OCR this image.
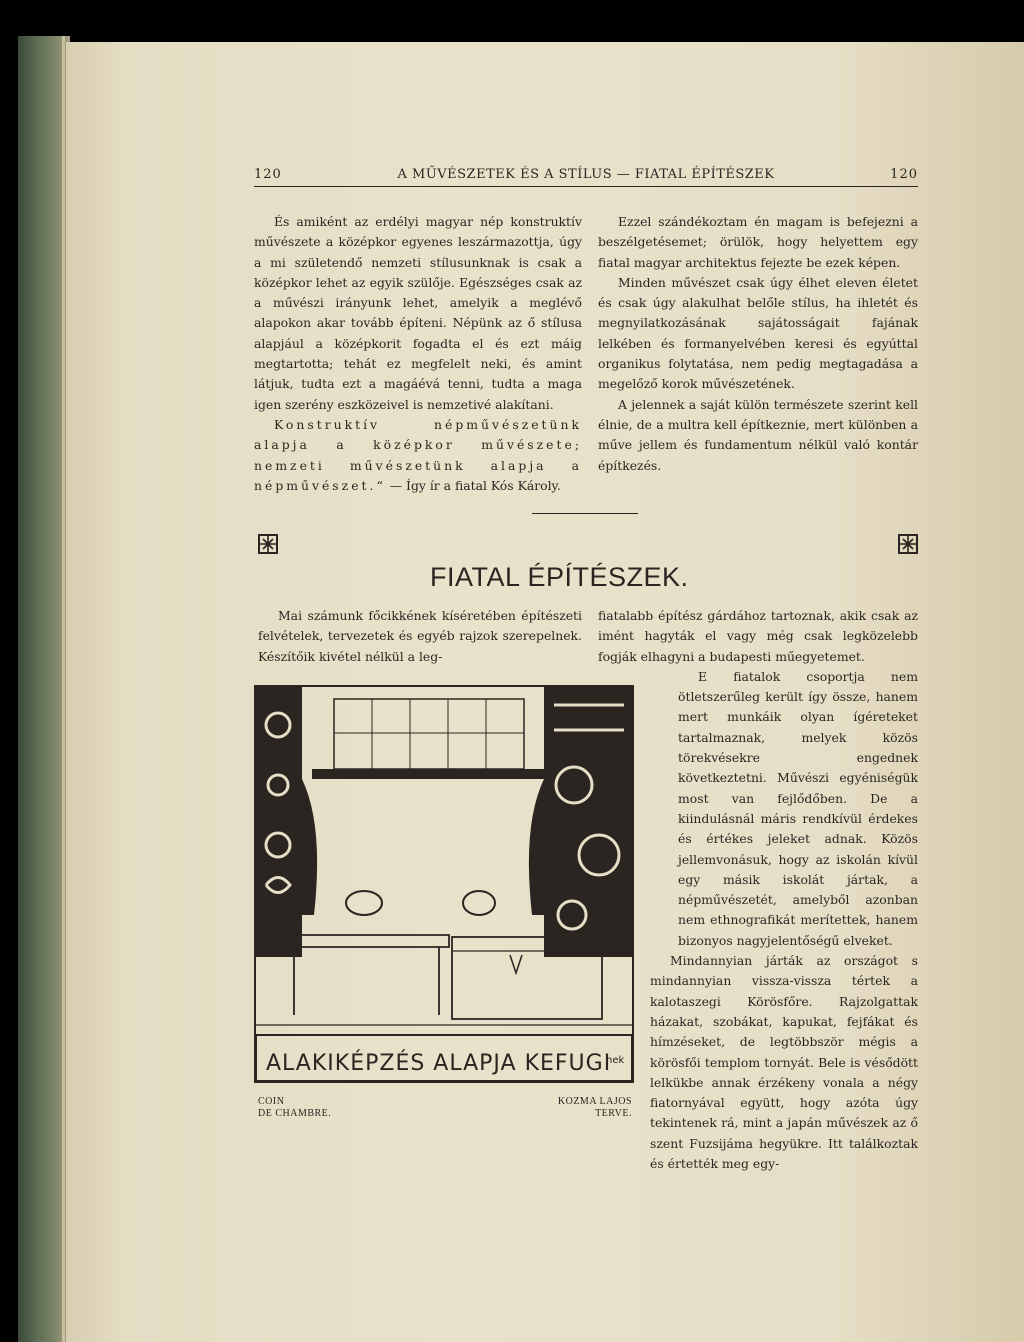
120	A MŰVÉSZETEK ÉS A STÍLUS — FIATAL ÉPÍTÉSZEK	120

És amiként az erdélyi magyar nép konstruktív művészete a középkor egyenes leszármazottja, úgy a mi születendő nemzeti stílusunknak is csak a középkor lehet az egyik szülője. Egészséges csak az a művészi irányunk lehet, amelyik a meglévő alapokon akar tovább építeni. Népünk az ő stílusa alapjául a középkorit fogadta el és ezt máig megtartotta; tehát ez megfelelt neki, és amint látjuk, tudta ezt a magáévá tenni, tudta a maga igen szerény eszközeivel is nemzetivé alakítani.

Konstruktív népművészetünk alapja a középkor művészete; nemzeti művészetünk alapja a népművészet.“ — Így ír a fiatal Kós Károly.

Ezzel szándékoztam én magam is befejezni a beszélgetésemet; örülök, hogy helyettem egy fiatal magyar architektus fejezte be ezek képen.

Minden művészet csak úgy élhet eleven életet és csak úgy alakulhat belőle stílus, ha ihletét és megnyilatkozásának sajátosságait fajának lelkében és formanyelvében keresi és egyúttal organikus folytatása, nem pedig megtagadása a megelőző korok művészetének.

A jelennek a saját külön természete szerint kell élnie, de a multra kell építkeznie, mert különben a műve jellem és fundamentum nélkül való kontár építkezés.

FIATAL ÉPÍTÉSZEK.

Mai számunk főcikkének kíséretében építészeti felvételek, tervezetek és egyéb rajzok szerepelnek. Készítőik kivétel nélkül a leg-

fiatalabb építész gárdához tartoznak, akik csak az imént hagyták el vagy még csak legközelebb fogják elhagyni a budapesti műegyetemet.

E fiatalok csoportja nem ötletszerűleg került így össze, hanem mert munkáik olyan ígéreteket tartalmaznak, melyek közös törekvésekre engednek következtetni. Művészi egyéniségük most van fejlődőben. De a kiindulásnál máris rendkívül érdekes és értékes jeleket adnak. Közös jellemvonásuk, hogy az iskolán kívül egy másik iskolát jártak, a népművészetét, amelyből azonban nem ethnografikát merítettek, hanem bizonyos nagyjelentőségű elveket.

Mindannyian járták az országot s mindannyian vissza-vissza tértek a kalotaszegi Körösfőre. Rajzolgattak házakat, szobákat, kapukat, fejfákat és hímzéseket, de legtöbbször mégis a körösfői templom tornyát. Bele is vésődött lelkükbe annak érzékeny vonala a négy fiatornyával együtt, hogy azóta úgy tekintenek rá, mint a japán művészek az ő szent Fuzsijáma hegyükre. Itt találkoztak és értették meg egy-

ALAKIKÉPZÉS ALAPJA KEFUGI
hek
COIN
DE CHAMBRE.
KOZMA LAJOS
TERVE.
